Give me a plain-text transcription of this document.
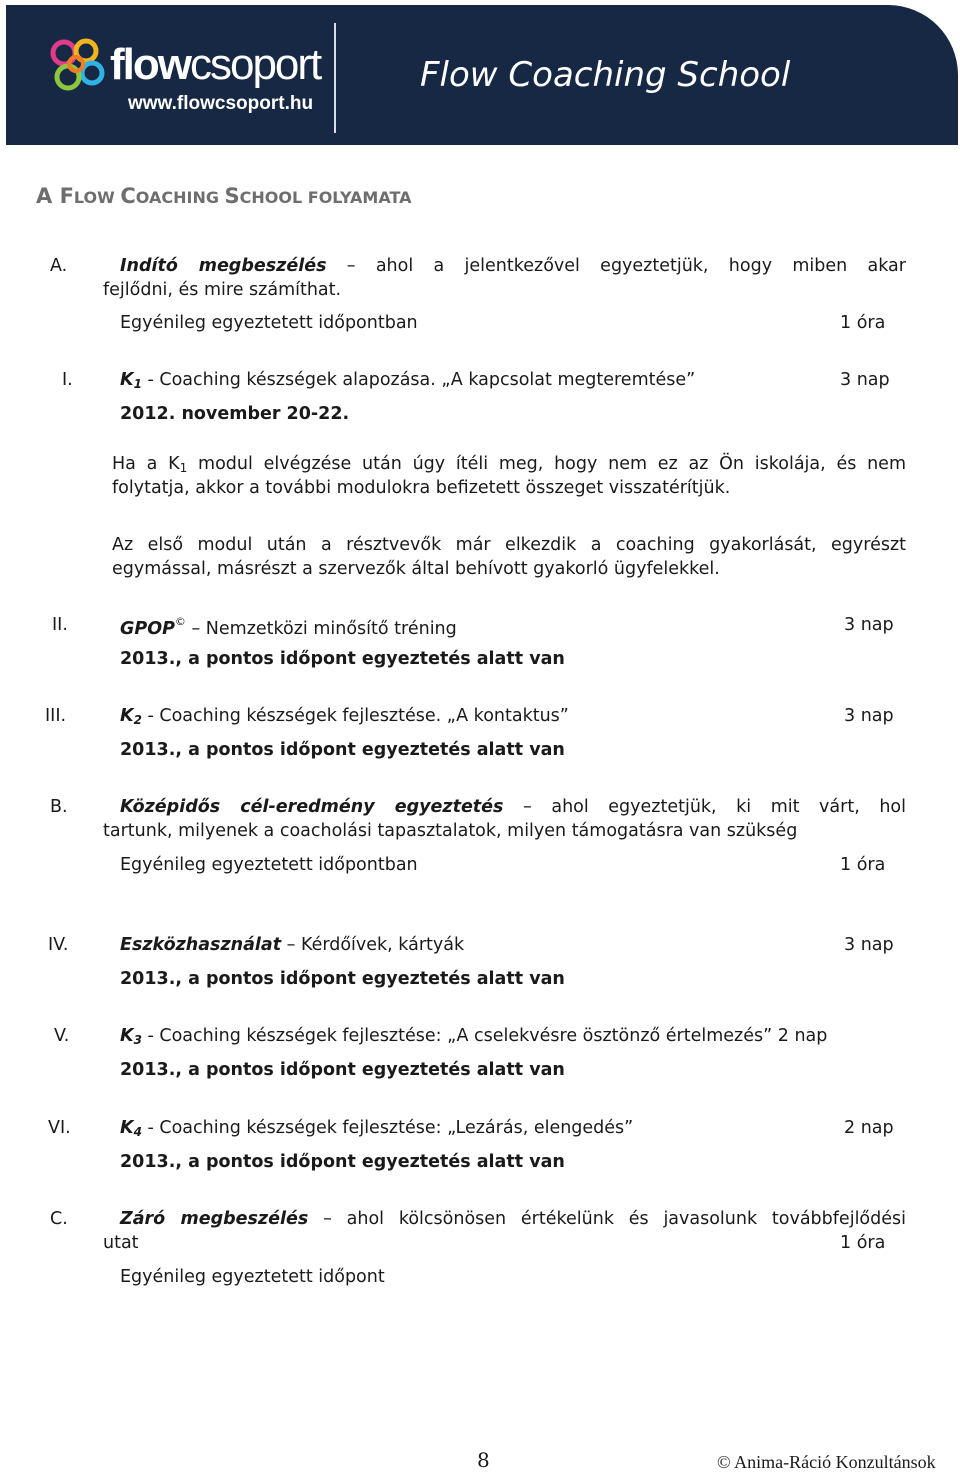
flowcsoport
www.flowcsoport.hu
Flow Coaching School
A FLOW COACHING SCHOOL FOLYAMATA
A.	Indító megbeszélés – ahol a jelentkezővel egyeztetjük, hogy miben akar
fejlődni, és mire számíthat.
Egyénileg egyeztetett időpontban	1 óra
I.	$K_1$ - Coaching készségek alapozása. „A kapcsolat megteremtése”	3 nap
2012. november 20-22.
Ha a $K_1$ modul elvégzése után úgy ítéli meg, hogy nem ez az Ön iskolája, és nem
folytatja, akkor a további modulokra befizetett összeget visszatérítjük.
Az első modul után a résztvevők már elkezdik a coaching gyakorlását, egyrészt
egymással, másrészt a szervezők által behívott gyakorló ügyfelekkel.
II.	GPOP© – Nemzetközi minősítő tréning	3 nap
2013., a pontos időpont egyeztetés alatt van
III.	$K_2$ - Coaching készségek fejlesztése. „A kontaktus”	3 nap
2013., a pontos időpont egyeztetés alatt van
B.	Középidős cél-eredmény egyeztetés – ahol egyeztetjük, ki mit várt, hol
tartunk, milyenek a coacholási tapasztalatok, milyen támogatásra van szükség
Egyénileg egyeztetett időpontban	1 óra
IV.	Eszközhasználat – Kérdőívek, kártyák	3 nap
2013., a pontos időpont egyeztetés alatt van
V.	$K_3$ - Coaching készségek fejlesztése: „A cselekvésre ösztönző értelmezés” 2 nap
2013., a pontos időpont egyeztetés alatt van
VI.	$K_4$ - Coaching készségek fejlesztése: „Lezárás, elengedés”	2 nap
2013., a pontos időpont egyeztetés alatt van
C.	Záró megbeszélés – ahol kölcsönösen értékelünk és javasolunk továbbfejlődési
utat	1 óra
Egyénileg egyeztetett időpont
8	© Anima-Ráció Konzultánsok
